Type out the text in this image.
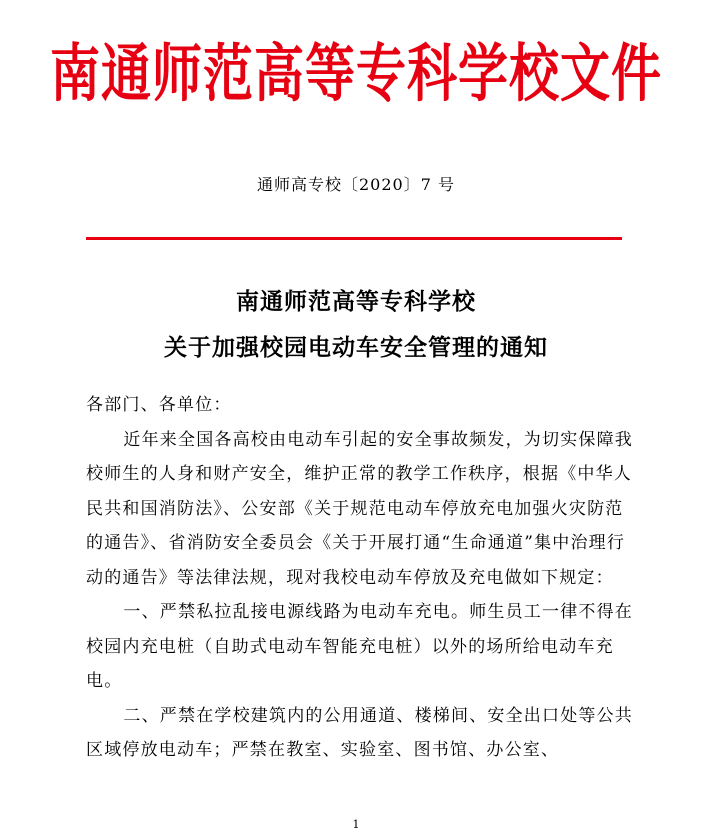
南通师范高等专科学校文件
通师高专校〔2020〕7 号
南通师范高等专科学校
关于加强校园电动车安全管理的通知

各部门、各单位：

近年来全国各高校由电动车引起的安全事故频发，为切实保障我校师生的人身和财产安全，维护正常的教学工作秩序，根据《中华人民共和国消防法》、公安部《关于规范电动车停放充电加强火灾防范的通告》、省消防安全委员会《关于开展打通“生命通道”集中治理行动的通告》等法律法规，现对我校电动车停放及充电做如下规定：

一、严禁私拉乱接电源线路为电动车充电。师生员工一律不得在校园内充电桩（自助式电动车智能充电桩）以外的场所给电动车充电。

二、严禁在学校建筑内的公用通道、楼梯间、安全出口处等公共区域停放电动车；严禁在教室、实验室、图书馆、办公室、

1
